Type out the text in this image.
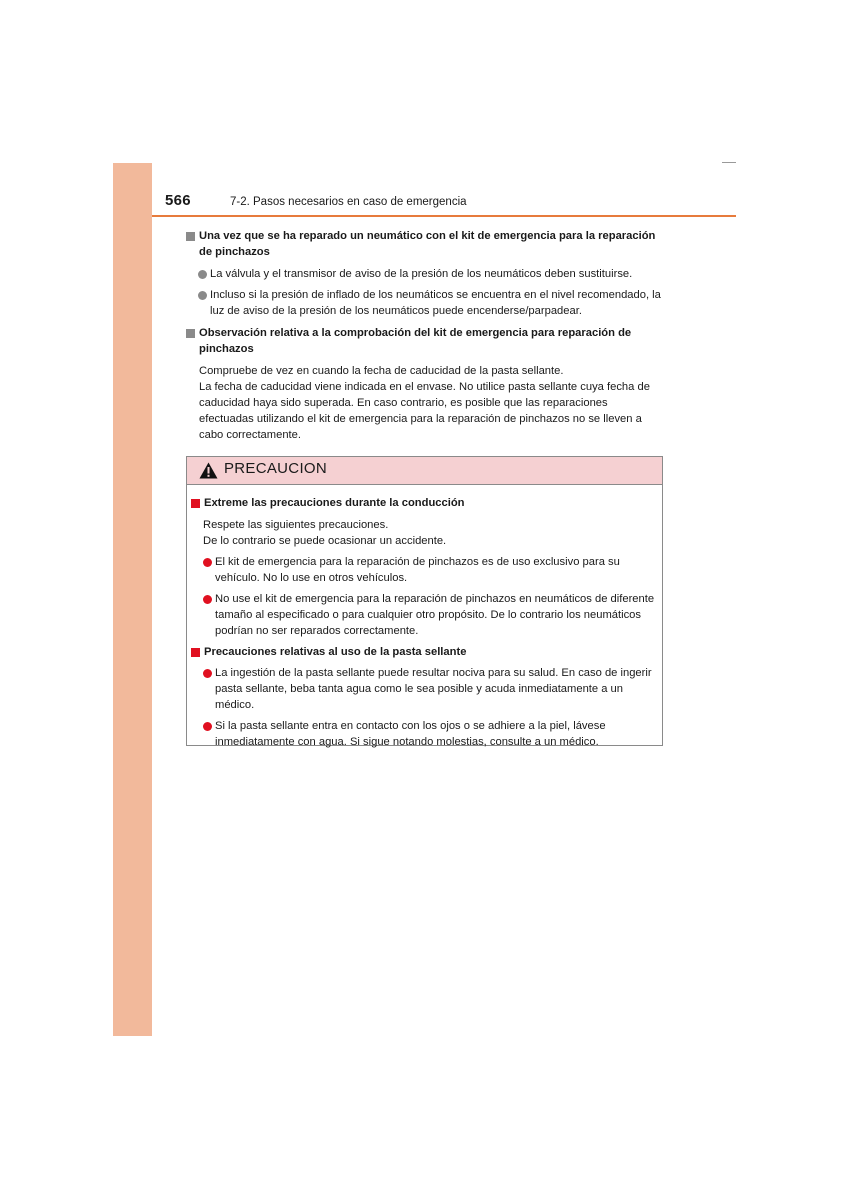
566	7-2. Pasos necesarios en caso de emergencia
Una vez que se ha reparado un neumático con el kit de emergencia para la reparación de pinchazos
La válvula y el transmisor de aviso de la presión de los neumáticos deben sustituirse.
Incluso si la presión de inflado de los neumáticos se encuentra en el nivel recomendado, la luz de aviso de la presión de los neumáticos puede encenderse/parpadear.
Observación relativa a la comprobación del kit de emergencia para reparación de pinchazos
Compruebe de vez en cuando la fecha de caducidad de la pasta sellante.
La fecha de caducidad viene indicada en el envase. No utilice pasta sellante cuya fecha de caducidad haya sido superada. En caso contrario, es posible que las reparaciones efectuadas utilizando el kit de emergencia para la reparación de pinchazos no se lleven a cabo correctamente.
PRECAUCION
Extreme las precauciones durante la conducción
Respete las siguientes precauciones.
De lo contrario se puede ocasionar un accidente.
El kit de emergencia para la reparación de pinchazos es de uso exclusivo para su vehículo. No lo use en otros vehículos.
No use el kit de emergencia para la reparación de pinchazos en neumáticos de diferente tamaño al especificado o para cualquier otro propósito. De lo contrario los neumáticos podrían no ser reparados correctamente.
Precauciones relativas al uso de la pasta sellante
La ingestión de la pasta sellante puede resultar nociva para su salud. En caso de ingerir pasta sellante, beba tanta agua como le sea posible y acuda inmediatamente a un médico.
Si la pasta sellante entra en contacto con los ojos o se adhiere a la piel, lávese inmediatamente con agua. Si sigue notando molestias, consulte a un médico.
